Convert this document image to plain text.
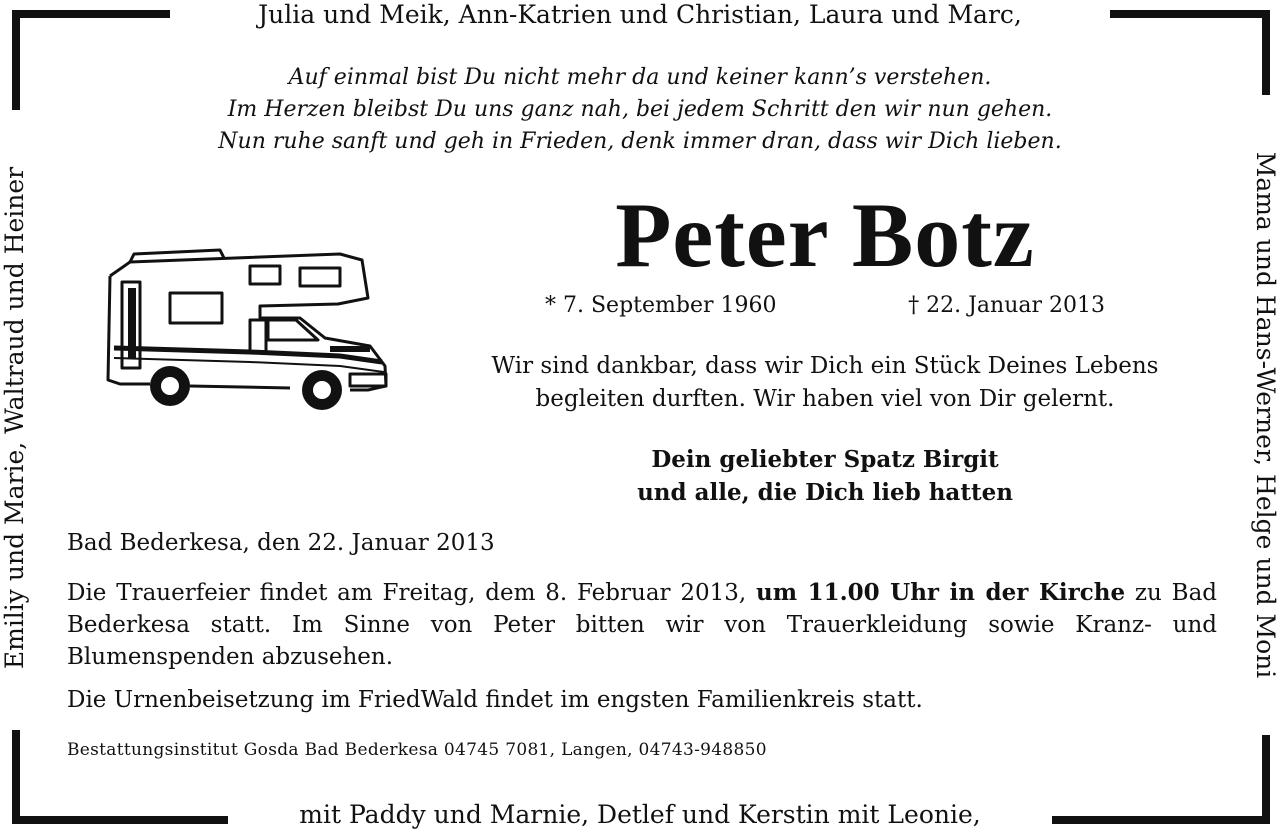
Julia und Meik, Ann-Katrien und Christian, Laura und Marc,
mit Paddy und Marnie, Detlef und Kerstin mit Leonie,
Emiliy und Marie, Waltraud und Heiner	Mama und Hans-Werner, Helge und Moni
Auf einmal bist Du nicht mehr da und keiner kann’s verstehen.
Im Herzen bleibst Du uns ganz nah, bei jedem Schritt den wir nun gehen.
Nun ruhe sanft und geh in Frieden, denk immer dran, dass wir Dich lieben.
Peter Botz
* 7. September 1960	† 22. Januar 2013
Wir sind dankbar, dass wir Dich ein Stück Deines Lebens
begleiten durften. Wir haben viel von Dir gelernt.
Dein geliebter Spatz Birgit
und alle, die Dich lieb hatten
Bad Bederkesa, den 22. Januar 2013
Die Trauerfeier findet am Freitag, dem 8. Februar 2013, um 11.00 Uhr in der Kirche zu Bad Bederkesa statt. Im Sinne von Peter bitten wir von Trauerkleidung sowie Kranz- und Blumenspenden abzusehen.
Die Urnenbeisetzung im FriedWald findet im engsten Familienkreis statt.
Bestattungsinstitut Gosda Bad Bederkesa 04745 7081, Langen, 04743-948850
